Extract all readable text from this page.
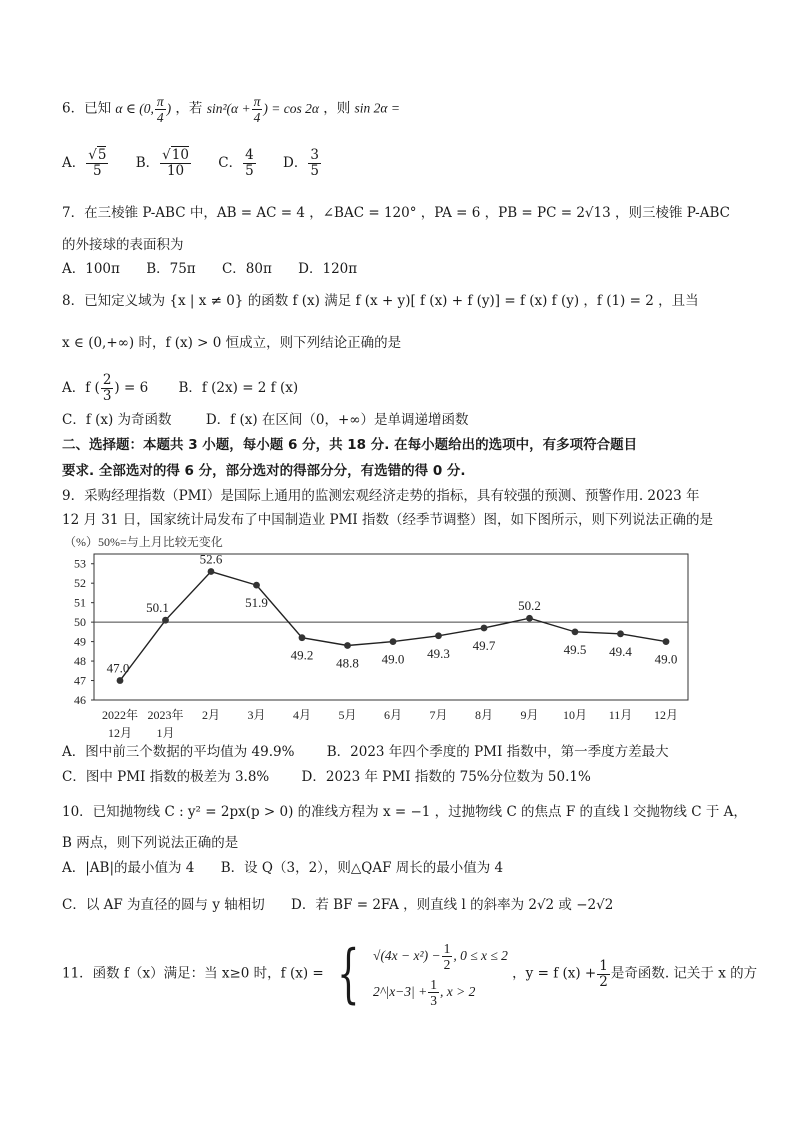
6．已知 α ∈ (0, $\frac{\pi}{4}$ ) ，若 $\sin^2(\alpha + \frac{\pi}{4}$ ) = cos 2α ，则 sin 2α =
A． $\frac{√5}{5}$ B． $\frac{√10}{10}$ C． $\frac{4}{5}$ D． $\frac{3}{5}$
7．在三棱锥 P-ABC 中，AB = AC = 4 ，∠BAC = 120° ，PA = 6 ，PB = PC = 2√13 ，则三棱锥 P-ABC
的外接球的表面积为
A．100π B．75π C．80π D．120π
8．已知定义域为 {x | x ≠ 0} 的函数 f (x) 满足 f (x + y)[ f (x) + f (y)] = f (x) f (y) ，f (1) = 2 ，且当
x ∈ (0,+∞) 时，f (x) > 0 恒成立，则下列结论正确的是
A．f ( $\frac{2}{3}$ ) = 6 B．f (2x) = 2 f (x)
C．f (x) 为奇函数	D．f (x) 在区间（0，+∞）是单调递增函数
二、选择题：本题共 3 小题，每小题 6 分，共 18 分. 在每小题给出的选项中，有多项符合题目
要求. 全部选对的得 6 分，部分选对的得部分分，有选错的得 0 分.
9．采购经理指数（PMI）是国际上通用的监测宏观经济走势的指标，具有较强的预测、预警作用. 2023 年
12 月 31 日，国家统计局发布了中国制造业 PMI 指数（经季节调整）图，如下图所示，则下列说法正确的是
（%）50%=与上月比较无变化
46
47
48
49
50
51
52
53
47.0
50.1
52.6
51.9
49.2
48.8 49.0 49.3
49.7
50.2
49.5 49.4
49.0
2022年
12月
2023年
1月
2月 3月 4月 5月 6月 7月 8月 9月 10月 11月 12月
A．图中前三个数据的平均值为 49.9% B．2023 年四个季度的 PMI 指数中，第一季度方差最大
C．图中 PMI 指数的极差为 3.8% D．2023 年 PMI 指数的 75%分位数为 50.1%
10．已知抛物线 C : y² = 2px(p > 0) 的准线方程为 x = −1 ，过抛物线 C 的焦点 F 的直线 l 交抛物线 C 于 A，
B 两点，则下列说法正确的是
A．|AB|的最小值为 4 B．设 Q（3，2），则△QAF 周长的最小值为 4
C．以 AF 为直径的圆与 y 轴相切 D．若 BF = 2FA ，则直线 l 的斜率为 2√2 或 −2√2
11．函数 f（x）满足：当 x≥0 时，f (x) = { $√(4x - x^2) - \frac{1}{2}$ , 0 ≤ x ≤ 2
2^|x−3| + $\frac{1}{3}$ , x > 2
，y = f $(x) + \frac{1}{2}$ 是奇函数. 记关于 x 的方
